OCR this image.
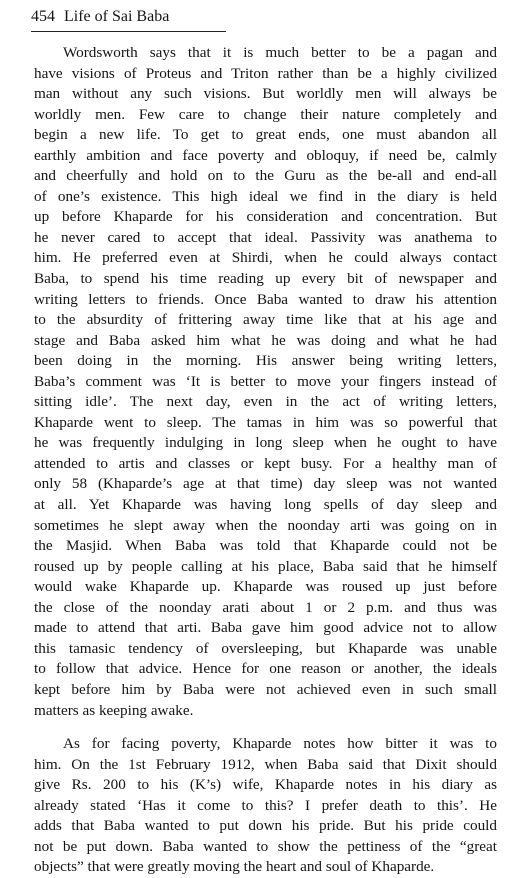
454 Life of Sai Baba

Wordsworth says that it is much better to be a pagan and
have visions of Proteus and Triton rather than be a highly civilized
man without any such visions. But worldly men will always be
worldly men. Few care to change their nature completely and
begin a new life. To get to great ends, one must abandon all
earthly ambition and face poverty and obloquy, if need be, calmly
and cheerfully and hold on to the Guru as the be-all and end-all
of one’s existence. This high ideal we find in the diary is held
up before Khaparde for his consideration and concentration. But
he never cared to accept that ideal. Passivity was anathema to
him. He preferred even at Shirdi, when he could always contact
Baba, to spend his time reading up every bit of newspaper and
writing letters to friends. Once Baba wanted to draw his attention
to the absurdity of frittering away time like that at his age and
stage and Baba asked him what he was doing and what he had
been doing in the morning. His answer being writing letters,
Baba’s comment was ‘It is better to move your fingers instead of
sitting idle’. The next day, even in the act of writing letters,
Khaparde went to sleep. The tamas in him was so powerful that
he was frequently indulging in long sleep when he ought to have
attended to artis and classes or kept busy. For a healthy man of
only 58 (Khaparde’s age at that time) day sleep was not wanted
at all. Yet Khaparde was having long spells of day sleep and
sometimes he slept away when the noonday arti was going on in
the Masjid. When Baba was told that Khaparde could not be
roused up by people calling at his place, Baba said that he himself
would wake Khaparde up. Khaparde was roused up just before
the close of the noonday arati about 1 or 2 p.m. and thus was
made to attend that arti. Baba gave him good advice not to allow
this tamasic tendency of oversleeping, but Khaparde was unable
to follow that advice. Hence for one reason or another, the ideals
kept before him by Baba were not achieved even in such small
matters as keeping awake.

As for facing poverty, Khaparde notes how bitter it was to
him. On the 1st February 1912, when Baba said that Dixit should
give Rs. 200 to his (K’s) wife, Khaparde notes in his diary as
already stated ‘Has it come to this? I prefer death to this’. He
adds that Baba wanted to put down his pride. But his pride could
not be put down. Baba wanted to show the pettiness of the “great
objects” that were greatly moving the heart and soul of Khaparde.
